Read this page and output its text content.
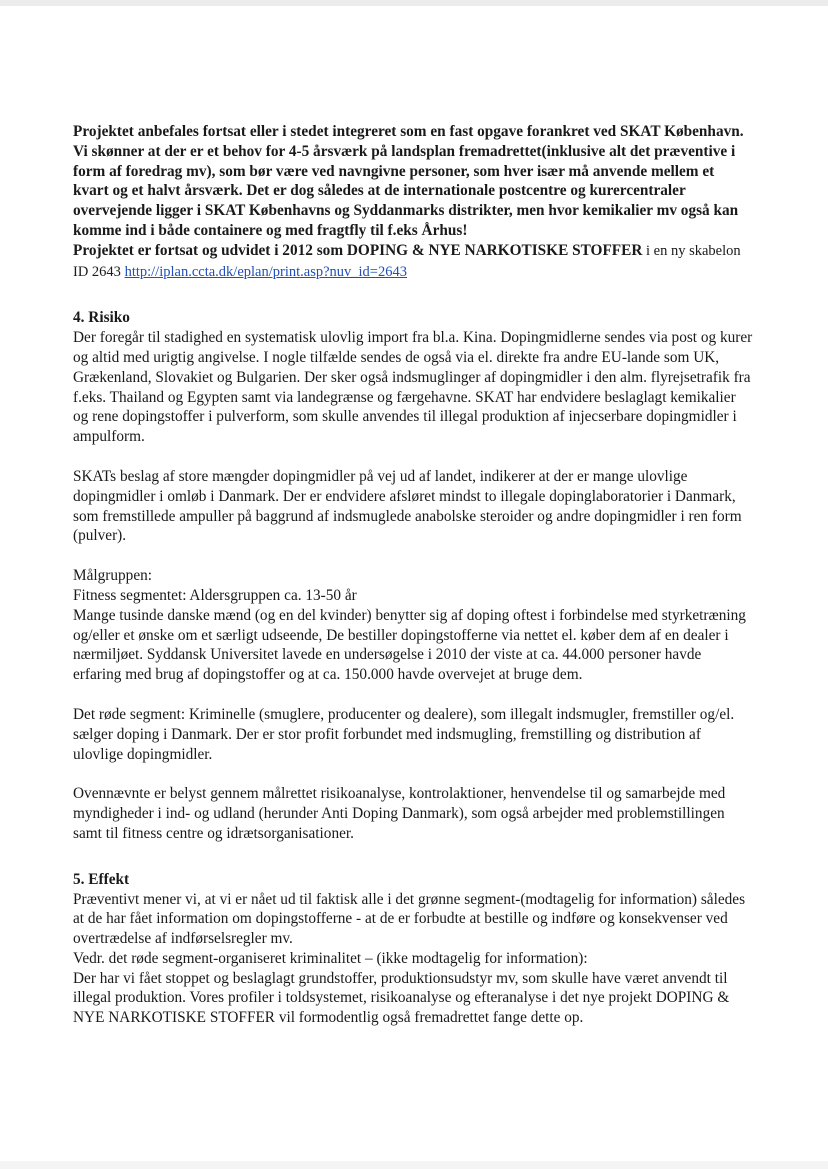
Projektet anbefales fortsat eller i stedet integreret som en fast opgave forankret ved SKAT København. Vi skønner at der er et behov for 4-5 årsværk på landsplan fremadrettet(inklusive alt det præventive i form af foredrag mv), som bør være ved navngivne personer, som hver især må anvende mellem et kvart og et halvt årsværk. Det er dog således at de internationale postcentre og kurercentraler overvejende ligger i SKAT Københavns og Syddanmarks distrikter, men hvor kemikalier mv også kan komme ind i både containere og med fragtfly til f.eks Århus!

Projektet er fortsat og udvidet i 2012 som DOPING & NYE NARKOTISKE STOFFER i en ny skabelon ID 2643 http://iplan.ccta.dk/eplan/print.asp?nuv_id=2643

4. Risiko

Der foregår til stadighed en systematisk ulovlig import fra bl.a. Kina. Dopingmidlerne sendes via post og kurer og altid med urigtig angivelse. I nogle tilfælde sendes de også via el. direkte fra andre EU-lande som UK, Grækenland, Slovakiet og Bulgarien. Der sker også indsmuglinger af dopingmidler i den alm. flyrejsetrafik fra f.eks. Thailand og Egypten samt via landegrænse og færgehavne. SKAT har endvidere beslaglagt kemikalier og rene dopingstoffer i pulverform, som skulle anvendes til illegal produktion af injecserbare dopingmidler i ampulform.

SKATs beslag af store mængder dopingmidler på vej ud af landet, indikerer at der er mange ulovlige dopingmidler i omløb i Danmark. Der er endvidere afsløret mindst to illegale dopinglaboratorier i Danmark, som fremstillede ampuller på baggrund af indsmuglede anabolske steroider og andre dopingmidler i ren form (pulver).

Målgruppen:

Fitness segmentet: Aldersgruppen ca. 13-50 år

Mange tusinde danske mænd (og en del kvinder) benytter sig af doping oftest i forbindelse med styrketræning og/eller et ønske om et særligt udseende, De bestiller dopingstofferne via nettet el. køber dem af en dealer i nærmiljøet. Syddansk Universitet lavede en undersøgelse i 2010 der viste at ca. 44.000 personer havde erfaring med brug af dopingstoffer og at ca. 150.000 havde overvejet at bruge dem.

Det røde segment: Kriminelle (smuglere, producenter og dealere), som illegalt indsmugler, fremstiller og/el. sælger doping i Danmark. Der er stor profit forbundet med indsmugling, fremstilling og distribution af ulovlige dopingmidler.

Ovennævnte er belyst gennem målrettet risikoanalyse, kontrolaktioner, henvendelse til og samarbejde med myndigheder i ind- og udland (herunder Anti Doping Danmark), som også arbejder med problemstillingen samt til fitness centre og idrætsorganisationer.

5. Effekt

Præventivt mener vi, at vi er nået ud til faktisk alle i det grønne segment-(modtagelig for information) således at de har fået information om dopingstofferne - at de er forbudte at bestille og indføre og konsekvenser ved overtrædelse af indførselsregler mv.

Vedr. det røde segment-organiseret kriminalitet – (ikke modtagelig for information):

Der har vi fået stoppet og beslaglagt grundstoffer, produktionsudstyr mv, som skulle have været anvendt til illegal produktion. Vores profiler i toldsystemet, risikoanalyse og efteranalyse i det nye projekt DOPING & NYE NARKOTISKE STOFFER vil formodentlig også fremadrettet fange dette op.
